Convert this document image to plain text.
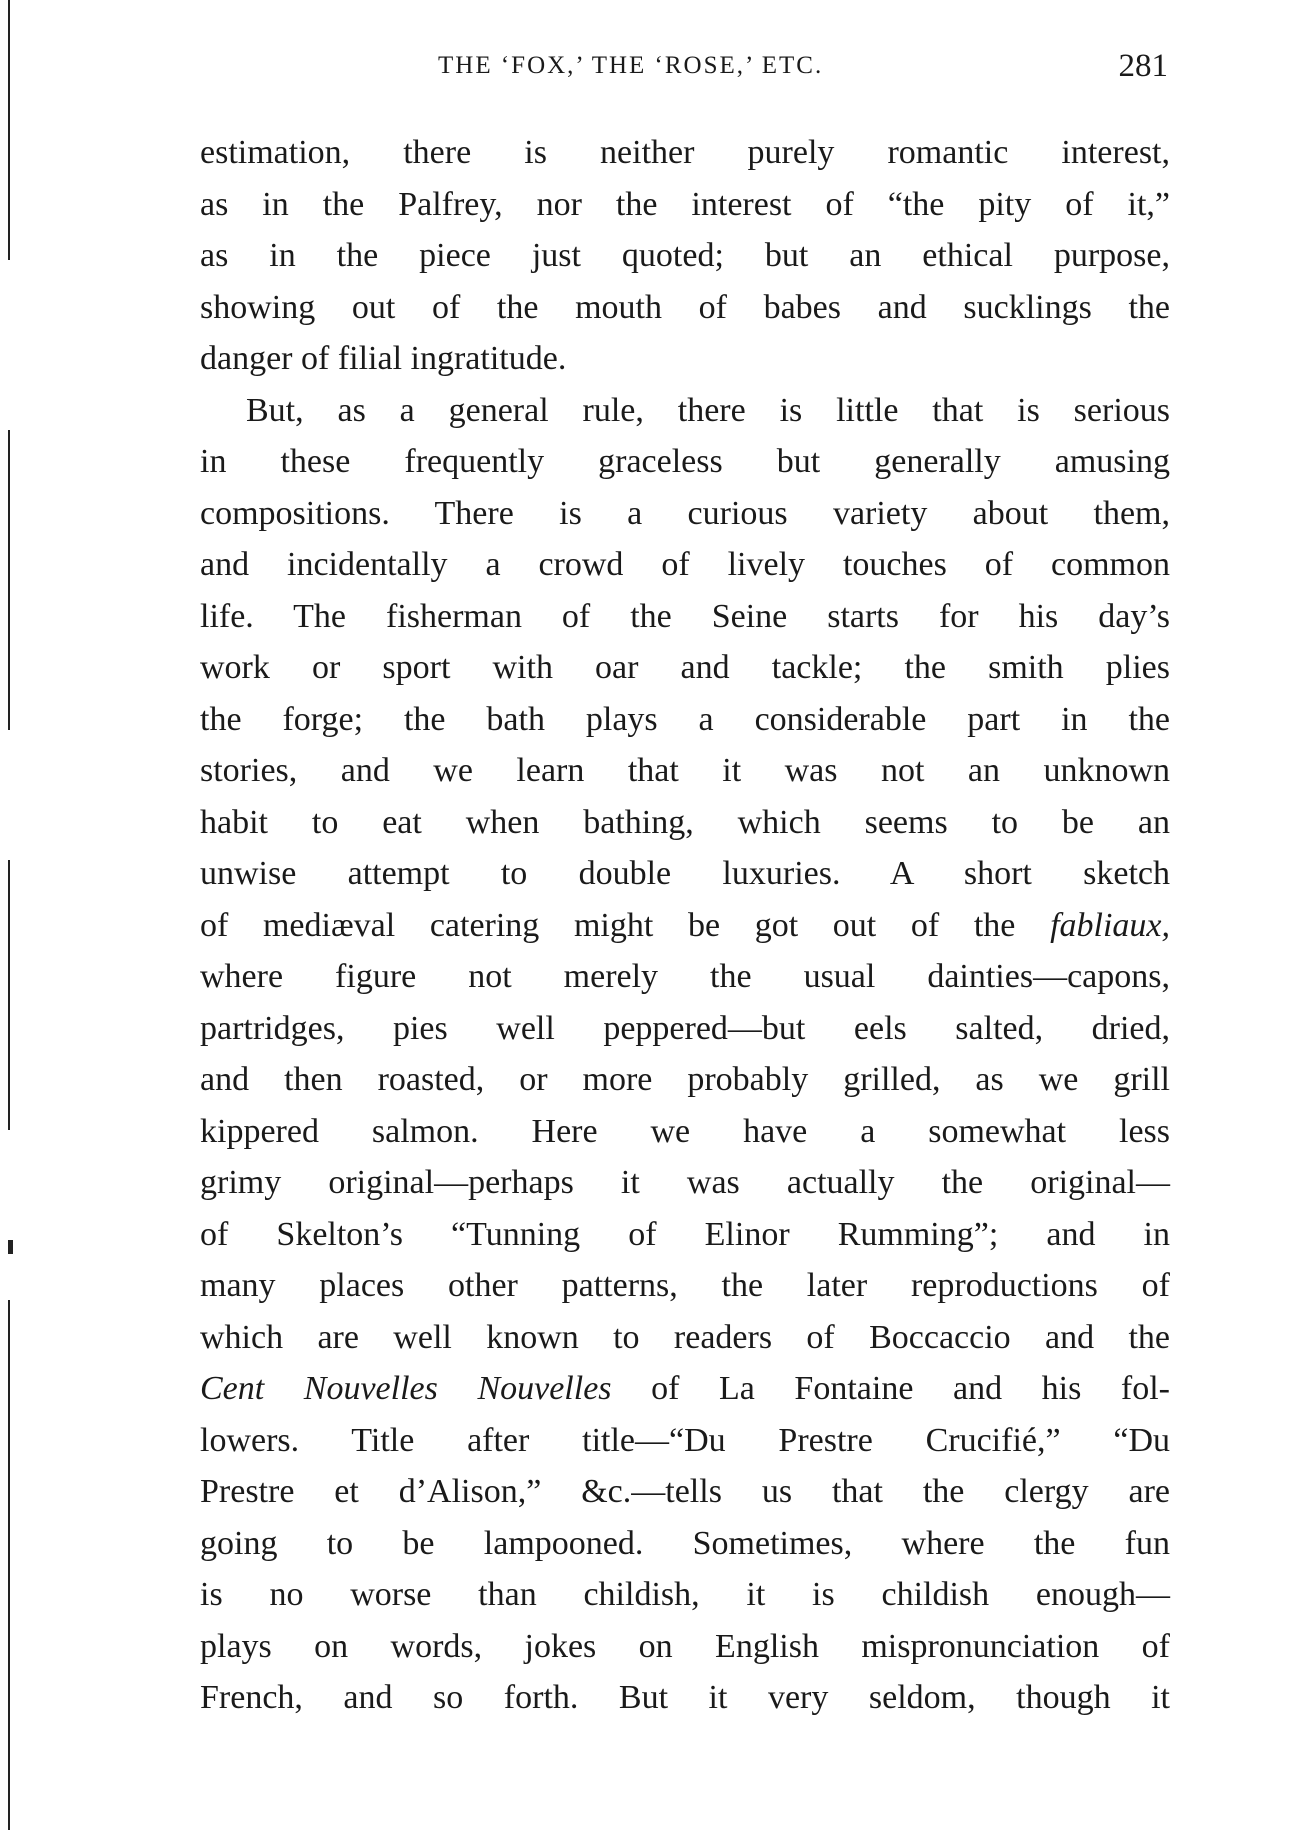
THE ‘FOX,’ THE ‘ROSE,’ ETC.	281
estimation, there is neither purely romantic interest,
as in the Palfrey, nor the interest of “the pity of it,”
as in the piece just quoted; but an ethical purpose,
showing out of the mouth of babes and sucklings the
danger of filial ingratitude.
But, as a general rule, there is little that is serious
in these frequently graceless but generally amusing
compositions. There is a curious variety about them,
and incidentally a crowd of lively touches of common
life. The fisherman of the Seine starts for his day’s
work or sport with oar and tackle; the smith plies
the forge; the bath plays a considerable part in the
stories, and we learn that it was not an unknown
habit to eat when bathing, which seems to be an
unwise attempt to double luxuries. A short sketch
of mediæval catering might be got out of the fabliaux,
where figure not merely the usual dainties—capons,
partridges, pies well peppered—but eels salted, dried,
and then roasted, or more probably grilled, as we grill
kippered salmon. Here we have a somewhat less
grimy original—perhaps it was actually the original—
of Skelton’s “Tunning of Elinor Rumming”; and in
many places other patterns, the later reproductions of
which are well known to readers of Boccaccio and the
Cent Nouvelles Nouvelles of La Fontaine and his fol-
lowers. Title after title—“Du Prestre Crucifié,” “Du
Prestre et d’Alison,” &c.—tells us that the clergy are
going to be lampooned. Sometimes, where the fun
is no worse than childish, it is childish enough—
plays on words, jokes on English mispronunciation of
French, and so forth. But it very seldom, though it
